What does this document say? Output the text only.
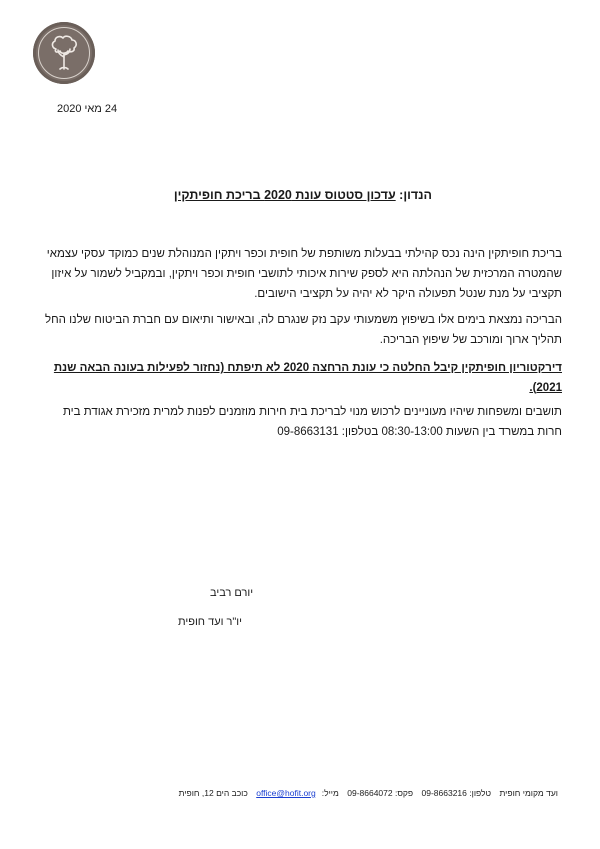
24 מאי 2020
הנדון: עדכון סטטוס עונת 2020 בריכת חופיתקין
בריכת חופיתקין הינה נכס קהילתי בבעלות משותפת של חופית וכפר ויתקין המנוהלת שנים כמוקד עסקי עצמאי שהמטרה המרכזית של הנהלתה היא לספק שירות איכותי לתושבי חופית וכפר ויתקין, ובמקביל לשמור על איזון תקציבי על מנת שנטל תפעולה היקר לא יהיה על תקציבי הישובים.
הבריכה נמצאת בימים אלו בשיפוץ משמעותי עקב נזק שנגרם לה, ובאישור ותיאום עם חברת הביטוח שלנו החל תהליך ארוך ומורכב של שיפוץ הבריכה.
דירקטוריון חופיתקין קיבל החלטה כי עונת הרחצה 2020 לא תיפתח (נחזור לפעילות בעונה הבאה שנת 2021).
תושבים ומשפחות שיהיו מעוניינים לרכוש מנוי לבריכת בית חירות מוזמנים לפנות למרית מזכירת אגודת בית חרות במשרד בין השעות 08:30-13:00 בטלפון: 09-8663131
יורם רביב
יו"ר ועד חופית
ועד מקומי חופית טלפון: 09-8663216 פקס: 09-8664072 מייל:office@hofit.org כוכב הים 12, חופית
